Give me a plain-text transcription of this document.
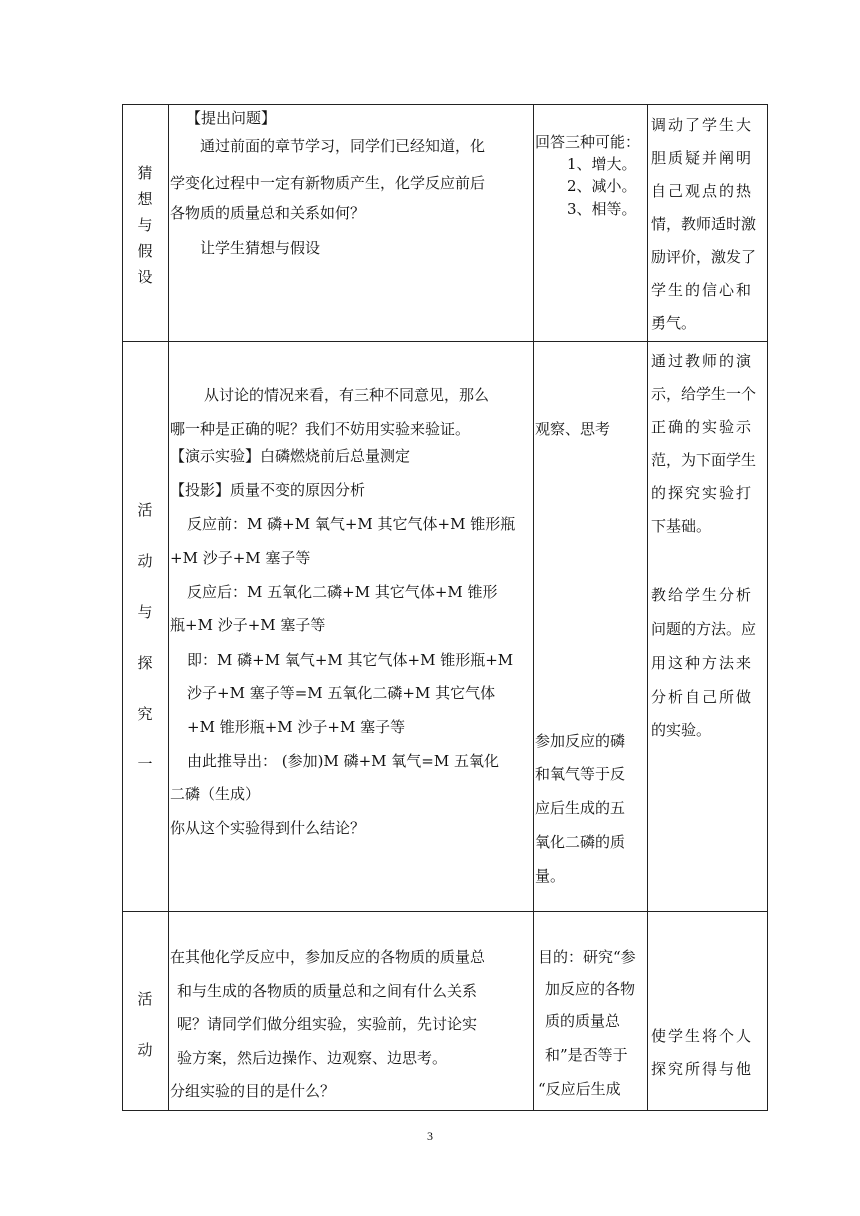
猜
想
与
假
设
【提出问题】
通过前面的章节学习，同学们已经知道，化
学变化过程中一定有新物质产生，化学反应前后
各物质的质量总和关系如何？
让学生猜想与假设
回答三种可能：
1、增大。
2、减小。
3、相等。
调动了学生大
胆质疑并阐明
自己观点的热
情，教师适时激
励评价，激发了
学生的信心和
勇气。
活
动
与
探
究
一
从讨论的情况来看，有三种不同意见，那么
哪一种是正确的呢？我们不妨用实验来验证。
【演示实验】白磷燃烧前后总量测定
【投影】质量不变的原因分析
反应前：M 磷+M 氧气+M 其它气体+M 锥形瓶
+M 沙子+M 塞子等
反应后：M 五氧化二磷+M 其它气体+M 锥形
瓶+M 沙子+M 塞子等
即：M 磷+M 氧气+M 其它气体+M 锥形瓶+M
沙子+M 塞子等=M 五氧化二磷+M 其它气体
+M 锥形瓶+M 沙子+M 塞子等
由此推导出： (参加)M 磷+M 氧气=M 五氧化
二磷（生成）
你从这个实验得到什么结论？
观察、思考
参加反应的磷
和氧气等于反
应后生成的五
氧化二磷的质
量。
通过教师的演
示，给学生一个
正确的实验示
范，为下面学生
的探究实验打
下基础。
教给学生分析
问题的方法。应
用这种方法来
分析自己所做
的实验。
活
动
在其他化学反应中，参加反应的各物质的质量总
和与生成的各物质的质量总和之间有什么关系
呢？请同学们做分组实验，实验前，先讨论实
验方案，然后边操作、边观察、边思考。
分组实验的目的是什么？
目的：研究“参
加反应的各物
质的质量总
和”是否等于
“反应后生成
使学生将个人
探究所得与他
3
